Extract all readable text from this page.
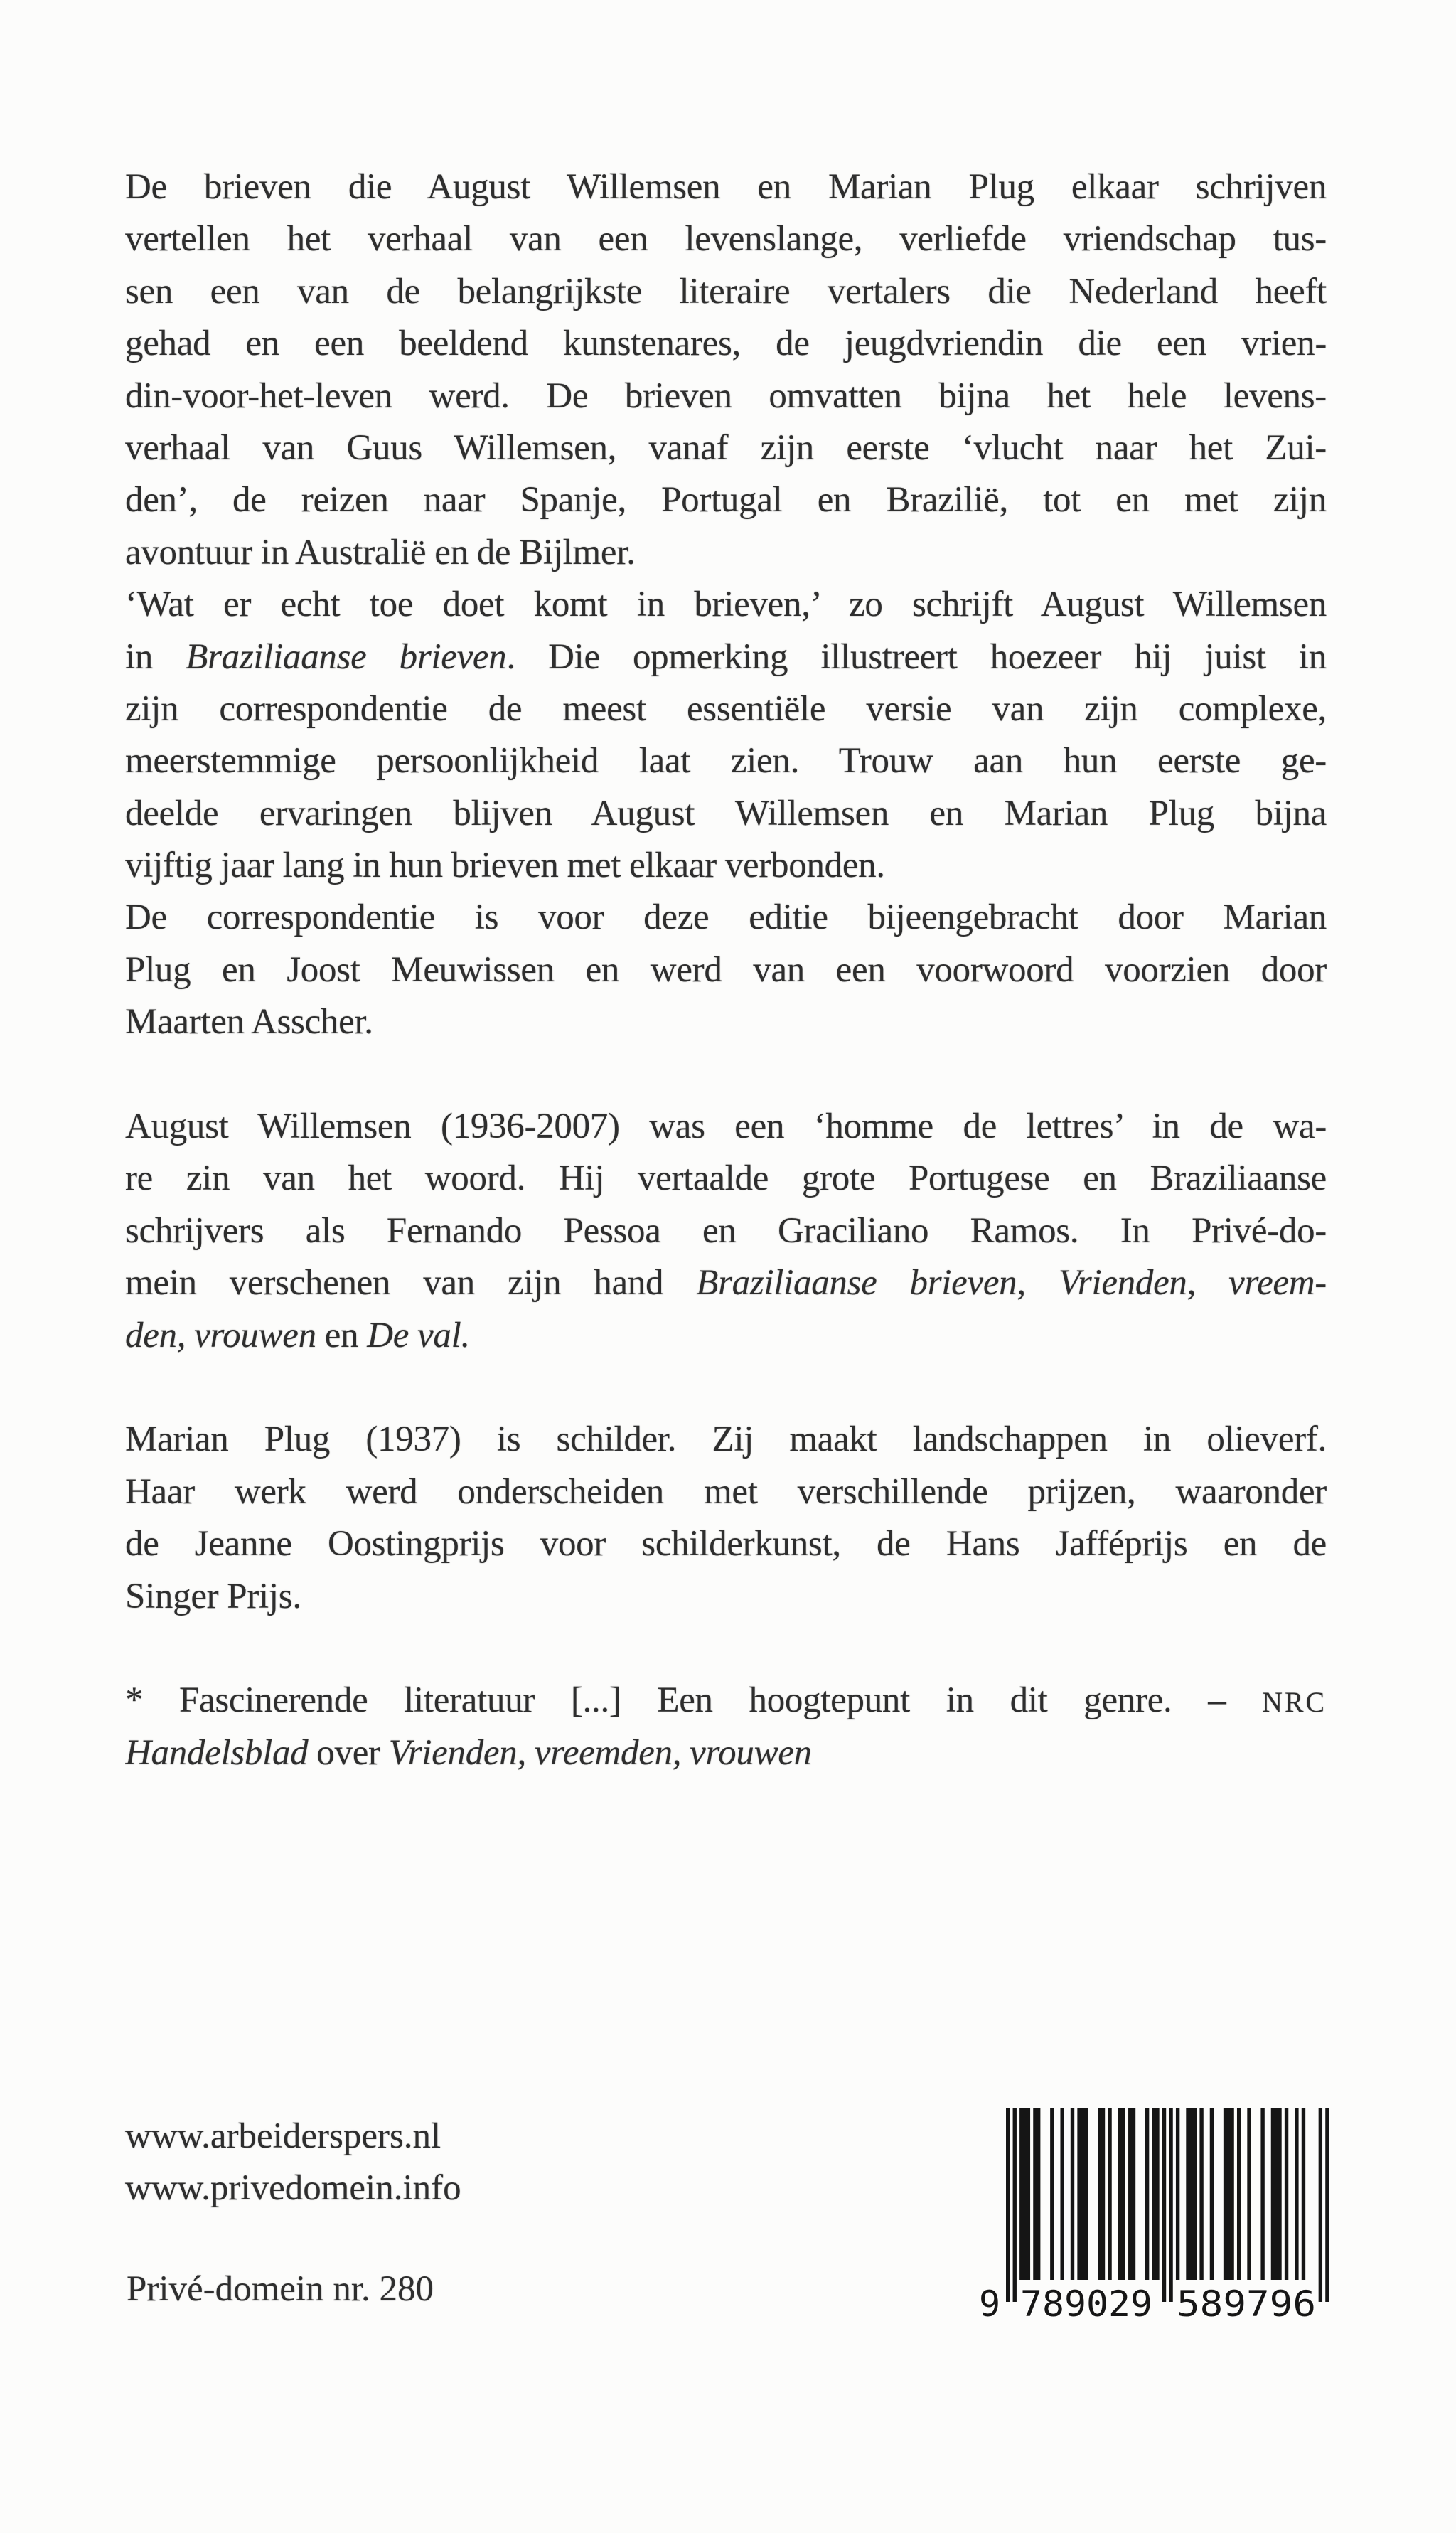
De brieven die August Willemsen en Marian Plug elkaar schrijven
vertellen het verhaal van een levenslange, verliefde vriendschap tus-
sen een van de belangrijkste literaire vertalers die Nederland heeft
gehad en een beeldend kunstenares, de jeugdvriendin die een vrien-
din-voor-het-leven werd. De brieven omvatten bijna het hele levens-
verhaal van Guus Willemsen, vanaf zijn eerste ‘vlucht naar het Zui-
den’, de reizen naar Spanje, Portugal en Brazilië, tot en met zijn
avontuur in Australië en de Bijlmer.
‘Wat er echt toe doet komt in brieven,’ zo schrijft August Willemsen
in Braziliaanse brieven. Die opmerking illustreert hoezeer hij juist in
zijn correspondentie de meest essentiële versie van zijn complexe,
meerstemmige persoonlijkheid laat zien. Trouw aan hun eerste ge-
deelde ervaringen blijven August Willemsen en Marian Plug bijna
vijftig jaar lang in hun brieven met elkaar verbonden.
De correspondentie is voor deze editie bijeengebracht door Marian
Plug en Joost Meuwissen en werd van een voorwoord voorzien door
Maarten Asscher.
August Willemsen (1936-2007) was een ‘homme de lettres’ in de wa-
re zin van het woord. Hij vertaalde grote Portugese en Braziliaanse
schrijvers als Fernando Pessoa en Graciliano Ramos. In Privé-do-
mein verschenen van zijn hand Braziliaanse brieven, Vrienden, vreem-
den, vrouwen en De val.
Marian Plug (1937) is schilder. Zij maakt landschappen in olieverf.
Haar werk werd onderscheiden met verschillende prijzen, waaronder
de Jeanne Oostingprijs voor schilderkunst, de Hans Jafféprijs en de
Singer Prijs.
* Fascinerende literatuur [...] Een hoogtepunt in dit genre. – NRC
Handelsblad over Vrienden, vreemden, vrouwen
www.arbeiderspers.nl
www.privedomein.info
Privé-domein nr. 280	9 789029 589796
